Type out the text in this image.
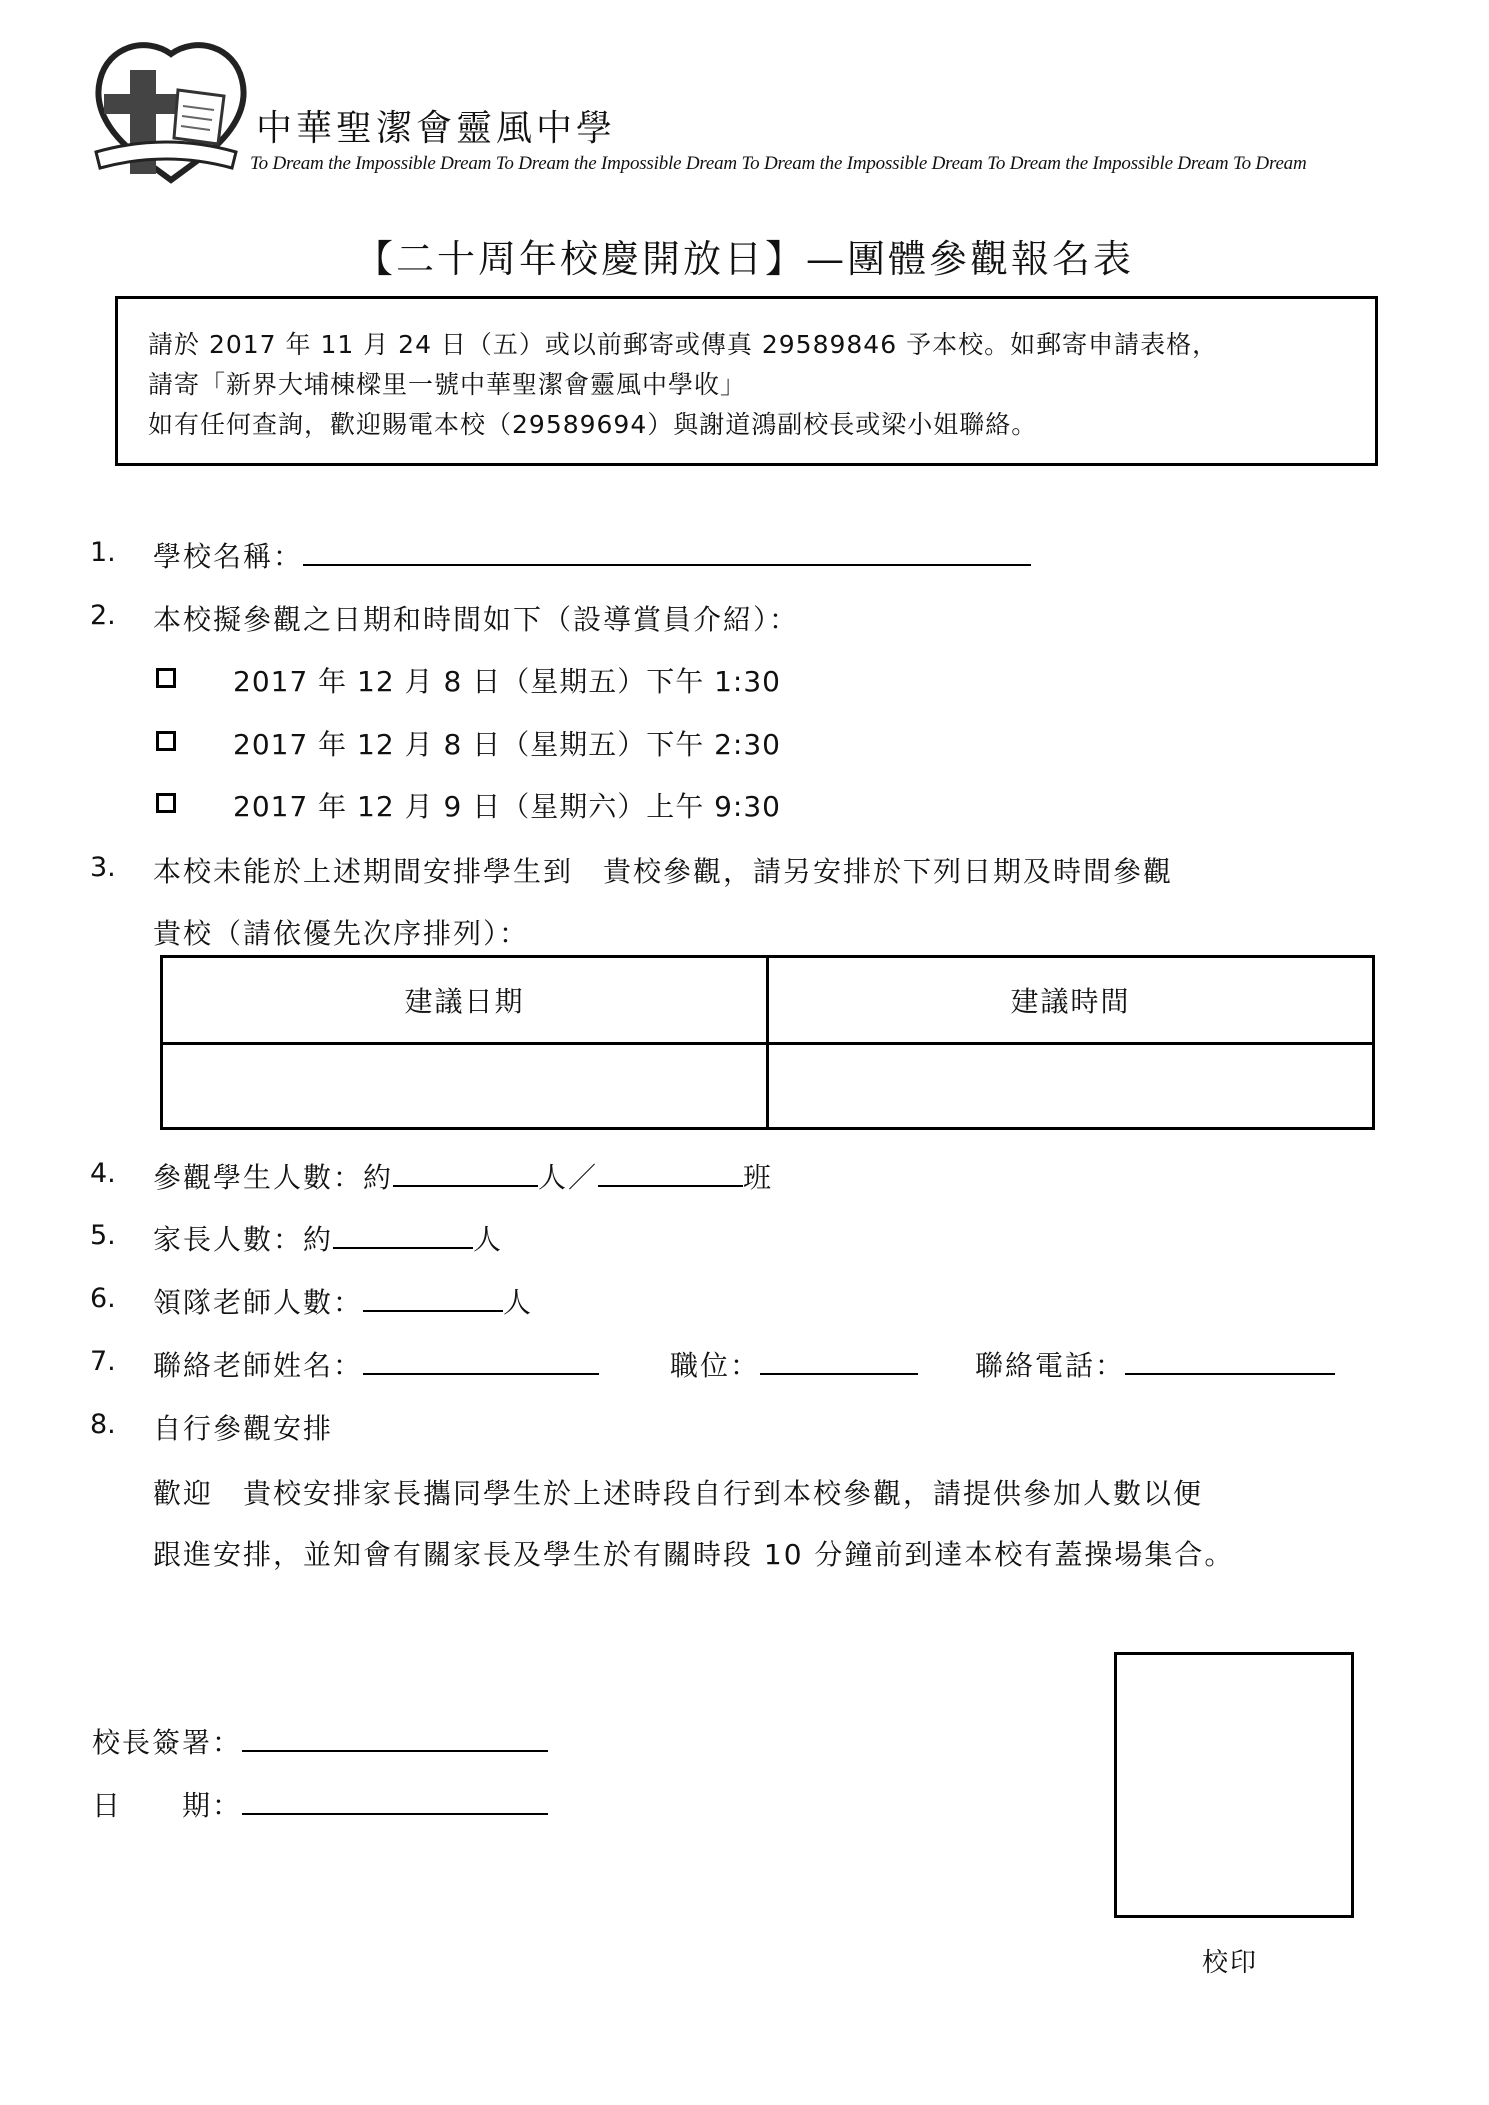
中華聖潔會靈風中學
To Dream the Impossible Dream To Dream the Impossible Dream To Dream the Impossible Dream To Dream the Impossible Dream To Dream
【二十周年校慶開放日】—團體參觀報名表

請於 2017 年 11 月 24 日（五）或以前郵寄或傳真 29589846 予本校。如郵寄申請表格，

請寄「新界大埔棟樑里一號中華聖潔會靈風中學收」

如有任何查詢，歡迎賜電本校（29589694）與謝道鴻副校長或梁小姐聯絡。

1. 學校名稱：
2. 本校擬參觀之日期和時間如下（設導賞員介紹）：
2017 年 12 月 8 日（星期五）下午 1:30
2017 年 12 月 8 日（星期五）下午 2:30
2017 年 12 月 9 日（星期六）上午 9:30
3. 本校未能於上述期間安排學生到　貴校參觀，請另安排於下列日期及時間參觀
貴校（請依優先次序排列）：
建議日期	建議時間

4. 參觀學生人數：約	人／	班
5. 家長人數：約	人
6. 領隊老師人數：	人
7. 聯絡老師姓名：	職位：	聯絡電話：
8. 自行參觀安排
歡迎　貴校安排家長攜同學生於上述時段自行到本校參觀，請提供參加人數以便
跟進安排，並知會有關家長及學生於有關時段 10 分鐘前到達本校有蓋操場集合。
校長簽署：
日　　期：
校印
